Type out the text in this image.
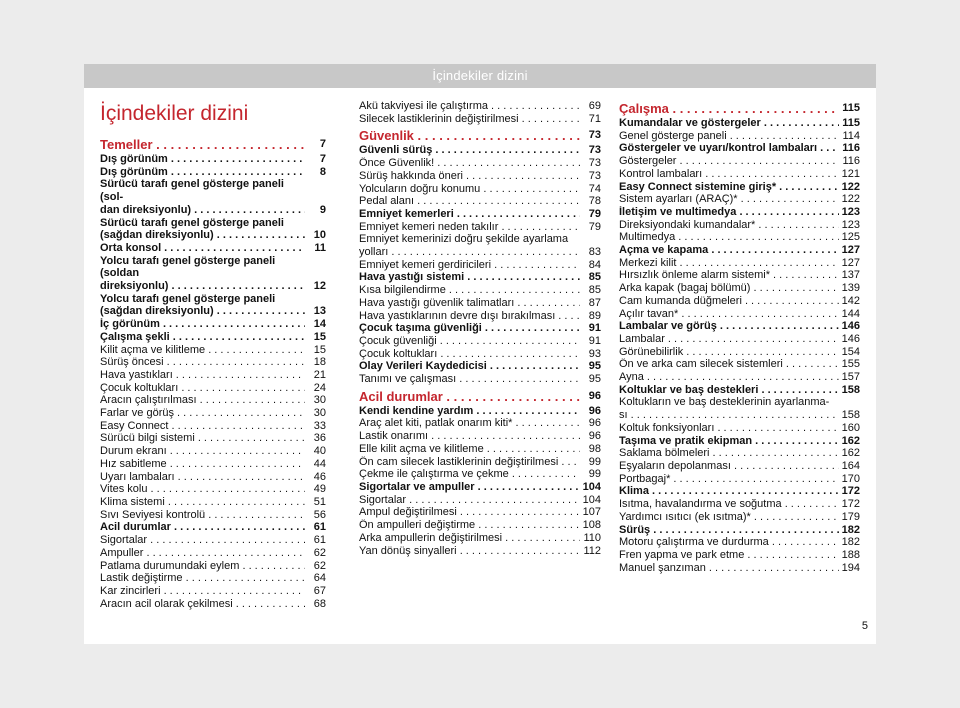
İçindekiler dizini
İçindekiler dizini
Temeller . . .	7
Dış görünüm . . .	7
Dış görünüm . . .	8
Sürücü tarafı genel gösterge paneli (sol-
dan direksiyonlu) . . .	9
Sürücü tarafı genel gösterge paneli
(sağdan direksiyonlu) . . .	10
Orta konsol . . .	11
Yolcu tarafı genel gösterge paneli (soldan
direksiyonlu) . . .	12
Yolcu tarafı genel gösterge paneli
(sağdan direksiyonlu) . . .	13
İç görünüm . . .	14
Çalışma şekli . . .	15
Kilit açma ve kilitleme . . .	15
Sürüş öncesi . . .	18
Hava yastıkları . . .	21
Çocuk koltukları . . .	24
Aracın çalıştırılması . . .	30
Farlar ve görüş . . .	30
Easy Connect . . .	33
Sürücü bilgi sistemi . . .	36
Durum ekranı . . .	40
Hız sabitleme . . .	44
Uyarı lambaları . . .	46
Vites kolu . . .	49
Klima sistemi . . .	51
Sıvı Seviyesi kontrolü . . .	56
Acil durumlar . . .	61
Sigortalar . . .	61
Ampuller . . .	62
Patlama durumundaki eylem . . .	62
Lastik değiştirme . . .	64
Kar zincirleri . . .	67
Aracın acil olarak çekilmesi . . .	68
Akü takviyesi ile çalıştırma . . .	69
Silecek lastiklerinin değiştirilmesi . . .	71
Güvenlik . . .	73
Güvenli sürüş . . .	73
Önce Güvenlik! . . .	73
Sürüş hakkında öneri . . .	73
Yolcuların doğru konumu . . .	74
Pedal alanı . . .	78
Emniyet kemerleri . . .	79
Emniyet kemeri neden takılır . . .	79
Emniyet kemerinizi doğru şekilde ayarlama
yolları . . .	83
Emniyet kemeri gerdiricileri . . .	84
Hava yastığı sistemi . . .	85
Kısa bilgilendirme . . .	85
Hava yastığı güvenlik talimatları . . .	87
Hava yastıklarının devre dışı bırakılması . . .	89
Çocuk taşıma güvenliği . . .	91
Çocuk güvenliği . . .	91
Çocuk koltukları . . .	93
Olay Verileri Kaydedicisi . . .	95
Tanımı ve çalışması . . .	95
Acil durumlar . . .	96
Kendi kendine yardım . . .	96
Araç alet kiti, patlak onarım kiti* . . .	96
Lastik onarımı . . .	96
Elle kilit açma ve kilitleme . . .	98
Ön cam silecek lastiklerinin değiştirilmesi . . .	99
Çekme ile çalıştırma ve çekme . . .	99
Sigortalar ve ampuller . . .	104
Sigortalar . . .	104
Ampul değiştirilmesi . . .	107
Ön ampulleri değiştirme . . .	108
Arka ampullerin değiştirilmesi . . .	110
Yan dönüş sinyalleri . . .	112
Çalışma . . .	115
Kumandalar ve göstergeler . . .	115
Genel gösterge paneli . . .	114
Göstergeler ve uyarı/kontrol lambaları . . .	116
Göstergeler . . .	116
Kontrol lambaları . . .	121
Easy Connect sistemine giriş* . . .	122
Sistem ayarları (ARAÇ)* . . .	122
İletişim ve multimedya . . .	123
Direksiyondaki kumandalar* . . .	123
Multimedya . . .	125
Açma ve kapama . . .	127
Merkezi kilit . . .	127
Hırsızlık önleme alarm sistemi* . . .	137
Arka kapak (bagaj bölümü) . . .	139
Cam kumanda düğmeleri . . .	142
Açılır tavan* . . .	144
Lambalar ve görüş . . .	146
Lambalar . . .	146
Görünebilirlik . . .	154
Ön ve arka cam silecek sistemleri . . .	155
Ayna . . .	157
Koltuklar ve baş destekleri . . .	158
Koltukların ve baş desteklerinin ayarlanma-
sı . . .	158
Koltuk fonksiyonları . . .	160
Taşıma ve pratik ekipman . . .	162
Saklama bölmeleri . . .	162
Eşyaların depolanması . . .	164
Portbagaj* . . .	170
Klima . . .	172
Isıtma, havalandırma ve soğutma . . .	172
Yardımcı ısıtıcı (ek ısıtma)* . . .	179
Sürüş . . .	182
Motoru çalıştırma ve durdurma . . .	182
Fren yapma ve park etme . . .	188
Manuel şanzıman . . .	194
5
